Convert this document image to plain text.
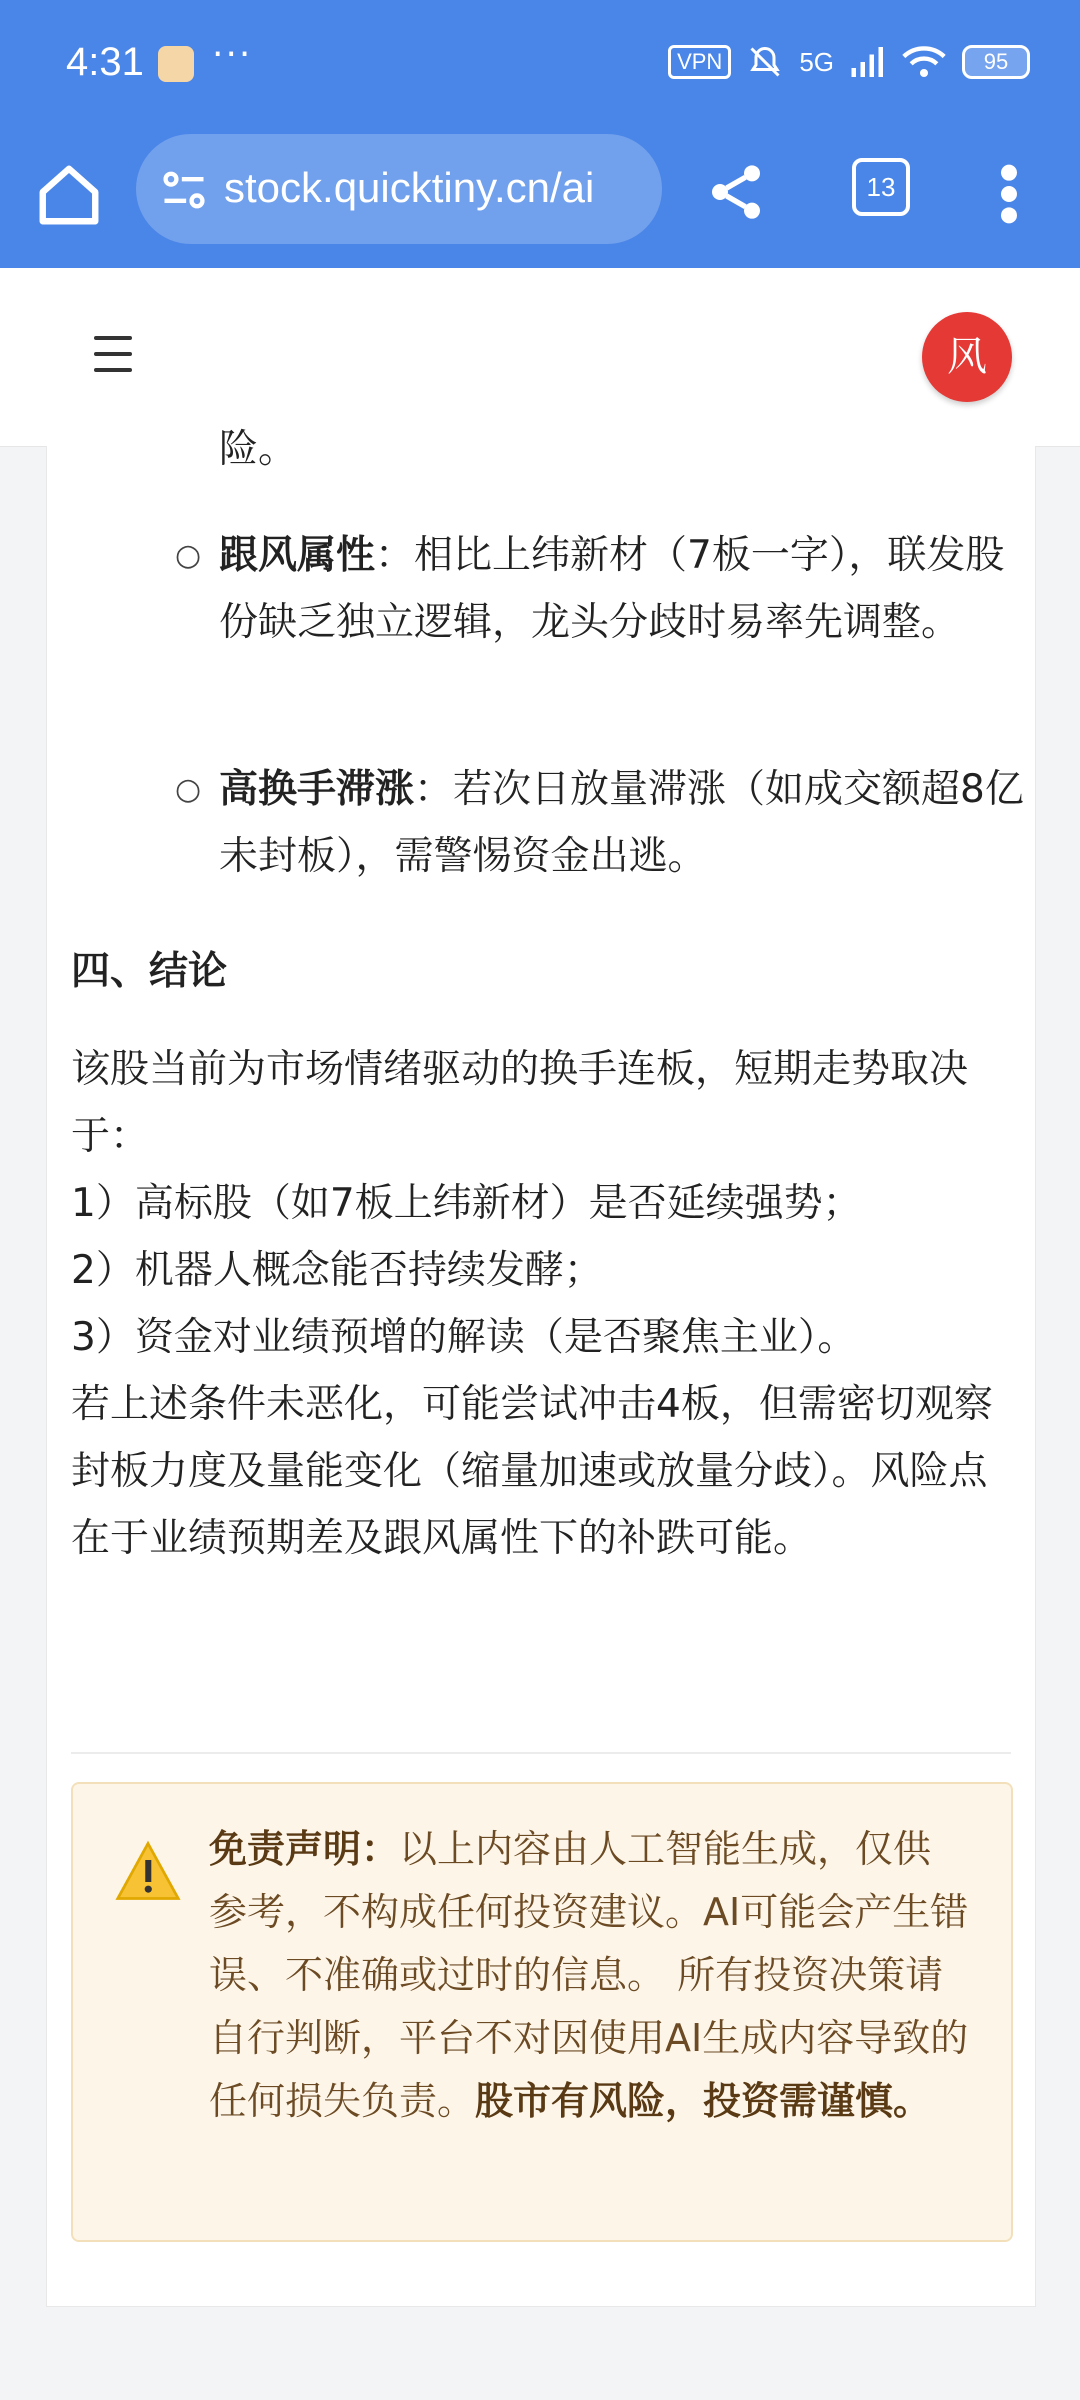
4:31 ···	VPN	5G	95
stock.quicktiny.cn/ai	13
风
险。
○ 跟风属性：相比上纬新材（7板一字），联发股份缺乏独立逻辑，龙头分歧时易率先调整。
○ 高换手滞涨：若次日放量滞涨（如成交额超8亿未封板），需警惕资金出逃。
四、结论

该股当前为市场情绪驱动的换手连板，短期走势取决于：

1）高标股（如7板上纬新材）是否延续强势；

2）机器人概念能否持续发酵；

3）资金对业绩预增的解读（是否聚焦主业）。

若上述条件未恶化，可能尝试冲击4板，但需密切观察封板力度及量能变化（缩量加速或放量分歧）。风险点在于业绩预期差及跟风属性下的补跌可能。

免责声明：以上内容由人工智能生成，仅供参考，不构成任何投资建议。AI可能会产生错误、不准确或过时的信息。 所有投资决策请自行判断，平台不对因使用AI生成内容导致的任何损失负责。股市有风险，投资需谨慎。
